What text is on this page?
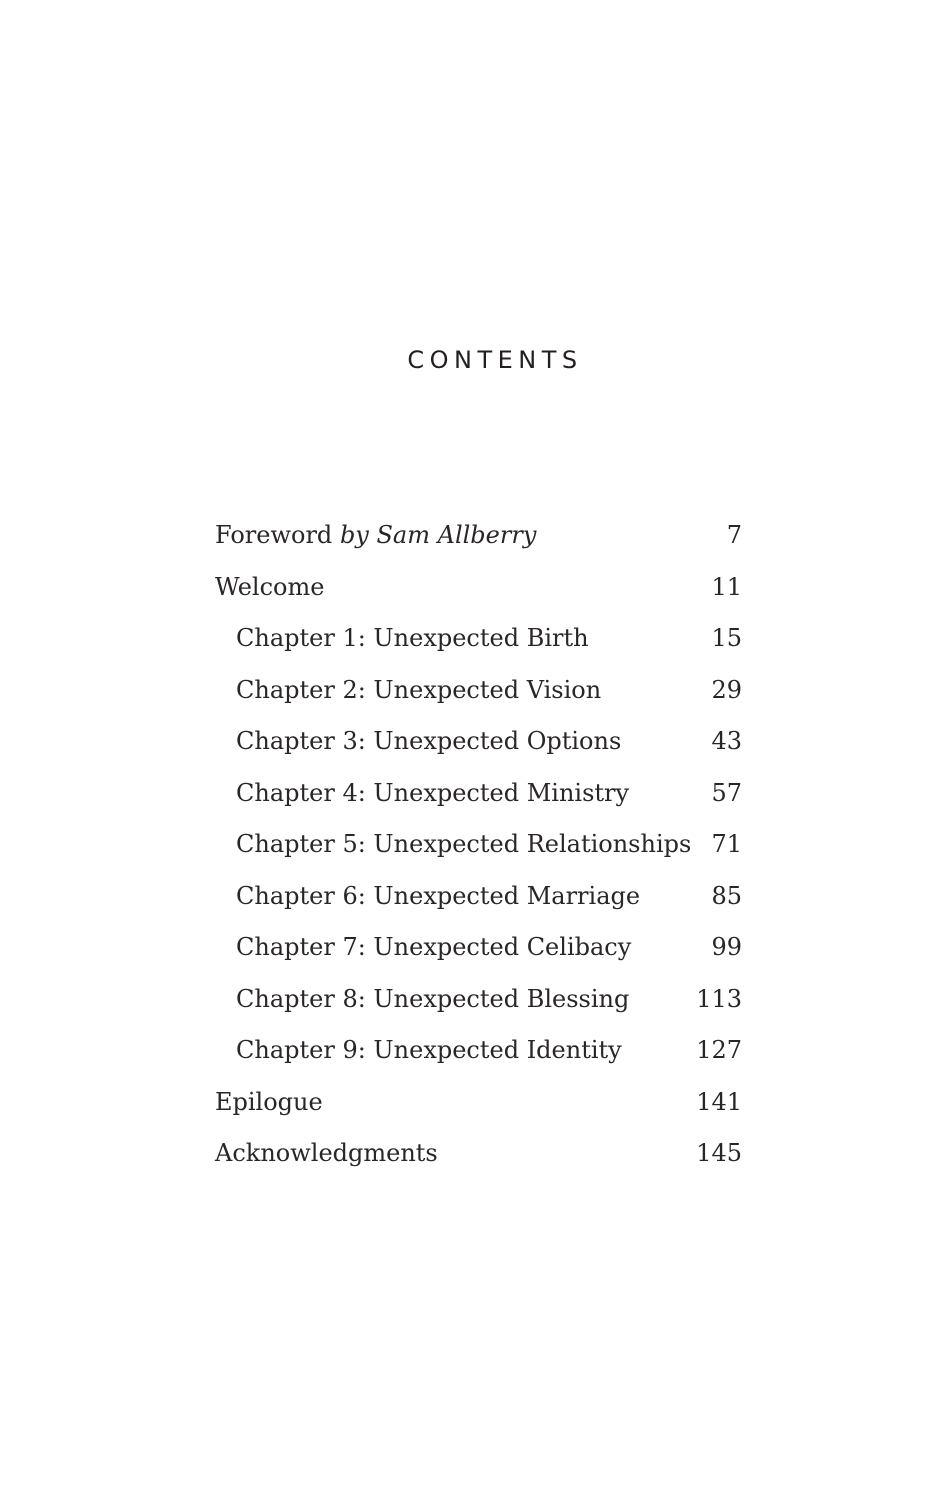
CONTENTS
Foreword by Sam Allberry	7
Welcome	11
Chapter 1: Unexpected Birth	15
Chapter 2: Unexpected Vision	29
Chapter 3: Unexpected Options	43
Chapter 4: Unexpected Ministry	57
Chapter 5: Unexpected Relationships 71
Chapter 6: Unexpected Marriage	85
Chapter 7: Unexpected Celibacy	99
Chapter 8: Unexpected Blessing	113
Chapter 9: Unexpected Identity	127
Epilogue	141
Acknowledgments	145
